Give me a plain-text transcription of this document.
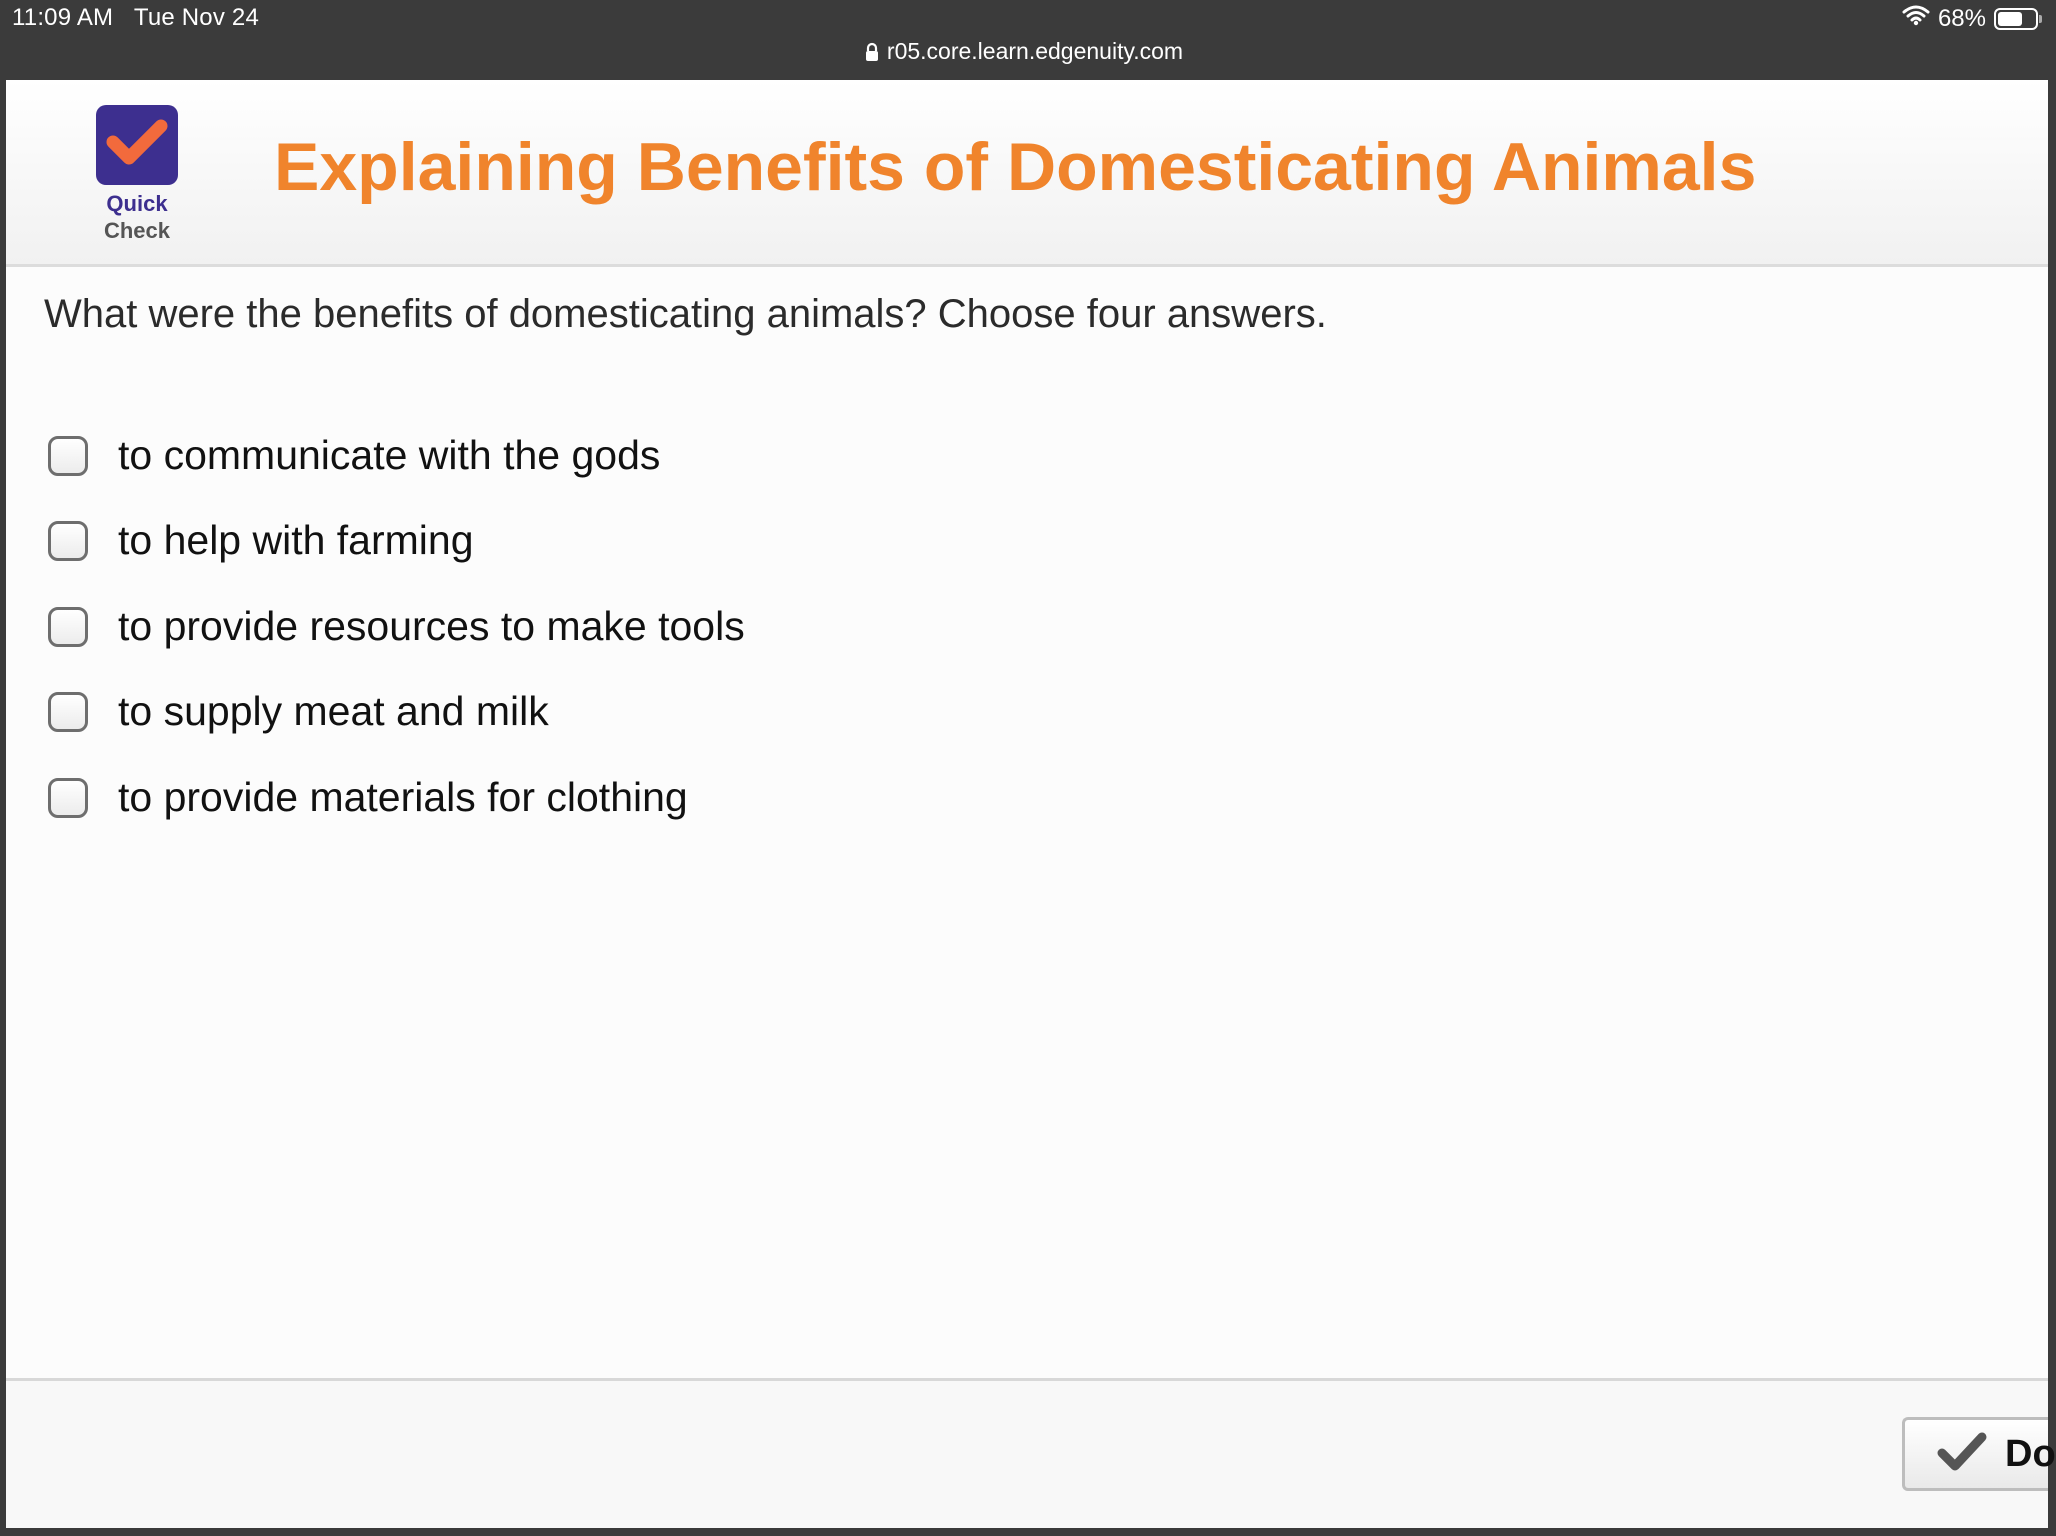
11:09 AM Tue Nov 24	68%
r05.core.learn.edgenuity.com
Quick
Check
Explaining Benefits of Domesticating Animals

What were the benefits of domesticating animals? Choose four answers.

to communicate with the gods
to help with farming
to provide resources to make tools
to supply meat and milk
to provide materials for clothing
Do
